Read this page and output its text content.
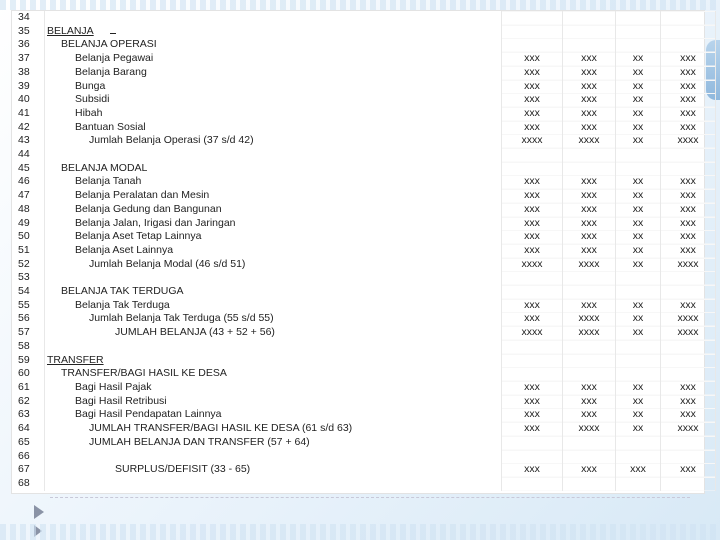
34					
35	BELANJA				
36	BELANJA OPERASI				
37	Belanja Pegawai	xxx	xxx	xx	xxx
38	Belanja Barang	xxx	xxx	xx	xxx
39	Bunga	xxx	xxx	xx	xxx
40	Subsidi	xxx	xxx	xx	xxx
41	Hibah	xxx	xxx	xx	xxx
42	Bantuan Sosial	xxx	xxx	xx	xxx
43	Jumlah Belanja Operasi (37 s/d 42)	xxxx	xxxx	xx	xxxx
44					
45	BELANJA MODAL				
46	Belanja Tanah	xxx	xxx	xx	xxx
47	Belanja Peralatan dan Mesin	xxx	xxx	xx	xxx
48	Belanja Gedung dan Bangunan	xxx	xxx	xx	xxx
49	Belanja Jalan, Irigasi dan Jaringan	xxx	xxx	xx	xxx
50	Belanja Aset Tetap Lainnya	xxx	xxx	xx	xxx
51	Belanja Aset Lainnya	xxx	xxx	xx	xxx
52	Jumlah Belanja Modal (46 s/d 51)	xxxx	xxxx	xx	xxxx
53					
54	BELANJA TAK TERDUGA				
55	Belanja Tak Terduga	xxx	xxx	xx	xxx
56	Jumlah Belanja Tak Terduga (55 s/d 55)	xxx	xxxx	xx	xxxx
57	JUMLAH BELANJA (43 + 52 + 56)	xxxx	xxxx	xx	xxxx
58					
59	TRANSFER				
60	TRANSFER/BAGI HASIL KE DESA				
61	Bagi Hasil Pajak	xxx	xxx	xx	xxx
62	Bagi Hasil Retribusi	xxx	xxx	xx	xxx
63	Bagi Hasil Pendapatan Lainnya	xxx	xxx	xx	xxx
64	JUMLAH TRANSFER/BAGI HASIL KE DESA (61 s/d 63)	xxx	xxxx	xx	xxxx
65	JUMLAH BELANJA DAN TRANSFER (57 + 64)				
66					
67	SURPLUS/DEFISIT (33 - 65)	xxx	xxx	xxx	xxx
68					
